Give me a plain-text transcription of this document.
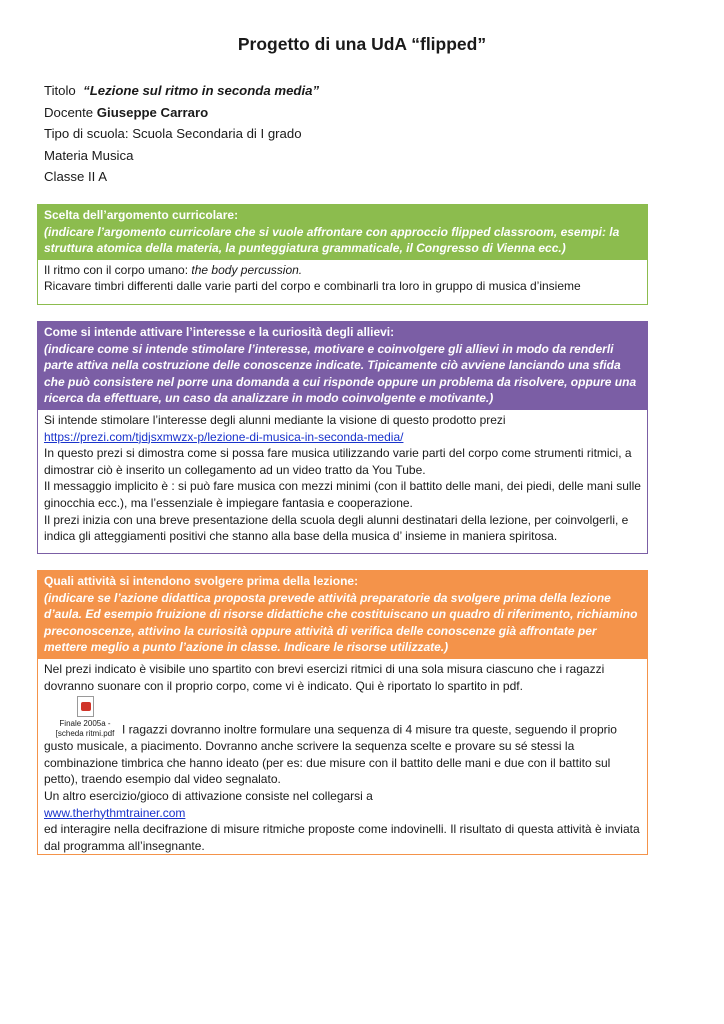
Progetto di una UdA “flipped”
Titolo  “Lezione sul ritmo in seconda media”
Docente Giuseppe Carraro
Tipo di scuola: Scuola Secondaria di I grado
Materia Musica
Classe II A
Scelta dell’argomento curricolare:
(indicare l’argomento curricolare che si vuole affrontare con approccio flipped classroom, esempi: la struttura atomica della materia, la punteggiatura grammaticale, il Congresso di Vienna ecc.)
Il ritmo con il corpo umano: the body percussion.
Ricavare timbri differenti dalle varie parti del corpo e combinarli tra loro in gruppo di musica d’insieme
Come si intende attivare l’interesse e la curiosità degli allievi:
(indicare come si intende stimolare l’interesse, motivare e coinvolgere gli allievi in modo da renderli parte attiva nella costruzione delle conoscenze indicate. Tipicamente ciò avviene lanciando una sfida che può consistere nel porre una domanda a cui risponde oppure un problema da risolvere, oppure una ricerca da effettuare, un caso da analizzare in modo coinvolgente e motivante.)
Si intende stimolare l’interesse degli alunni mediante la visione di questo prodotto prezi
https://prezi.com/tjdjsxmwzx-p/lezione-di-musica-in-seconda-media/
In questo prezi si dimostra come si possa fare musica utilizzando varie parti del corpo come strumenti ritmici, a dimostrar ciò è inserito un collegamento ad un video tratto da You Tube.
Il messaggio implicito è : si può fare musica con mezzi minimi (con il battito delle mani, dei piedi, delle mani sulle ginocchia ecc.), ma l’essenziale è impiegare fantasia e cooperazione.
Il prezi inizia con una breve presentazione della scuola degli alunni destinatari della lezione, per coinvolgerli, e indica gli atteggiamenti positivi che stanno alla base della musica d’ insieme in maniera spiritosa.
Quali attività si intendono svolgere prima della lezione:
(indicare se l’azione didattica proposta prevede attività preparatorie da svolgere prima della lezione d’aula. Ed esempio fruizione di risorse didattiche che costituiscano un quadro di riferimento, richiamino preconoscenze, attivino la curiosità oppure attività di verifica delle conoscenze già affrontate per mettere meglio a punto l’azione in classe. Indicare le risorse utilizzate.)
Nel prezi indicato è visibile uno spartito con brevi esercizi ritmici di una sola misura ciascuno che i ragazzi dovranno suonare con il proprio corpo, come vi è indicato. Qui è riportato lo spartito in pdf.
Finale 2005a -
[scheda ritmi.pdf I ragazzi dovranno inoltre formulare una sequenza di 4 misure tra queste, seguendo il proprio gusto musicale, a piacimento. Dovranno anche scrivere la sequenza scelte e provare su sé stessi la combinazione timbrica che hanno ideato (per es: due misure con il battito delle mani e due con il battito sul petto), traendo esempio dal video segnalato.
Un altro esercizio/gioco di attivazione consiste nel collegarsi a
www.therhythmtrainer.com
ed interagire nella decifrazione di misure ritmiche proposte come indovinelli. Il risultato di questa attività è inviata dal programma all’insegnante.
